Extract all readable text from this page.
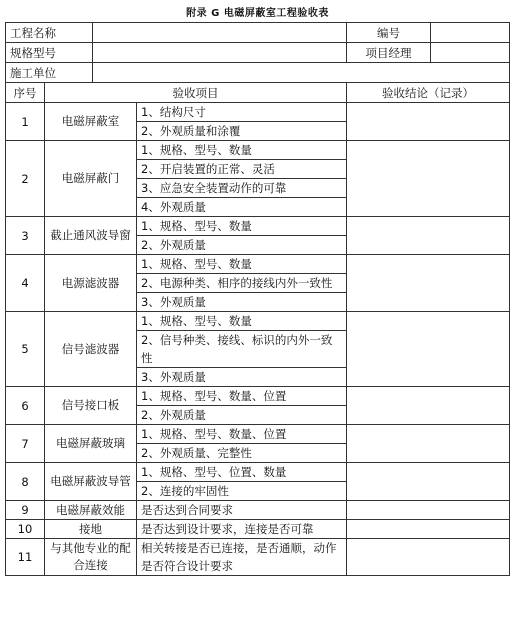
附录 G 电磁屏蔽室工程验收表
工程名称				编号	
规格型号				项目经理	
施工单位					
序号	验收项目			验收结论（记录）	
1	电磁屏蔽室		1、结构尺寸		
			2、外观质量和涂覆		
2	电磁屏蔽门		1、规格、型号、数量		
			2、开启装置的正常、灵活		
			3、应急安全装置动作的可靠		
			4、外观质量		
3	截止通风波导窗		1、规格、型号、数量		
			2、外观质量		
4	电源滤波器		1、规格、型号、数量		
			2、电源种类、相序的接线内外一致性		
			3、外观质量		
5	信号滤波器		1、规格、型号、数量		
			2、信号种类、接线、标识的内外一致性		
			3、外观质量		
6	信号接口板		1、规格、型号、数量、位置		
			2、外观质量		
7	电磁屏蔽玻璃		1、规格、型号、数量、位置		
			2、外观质量、完整性		
8	电磁屏蔽波导管		1、规格、型号、位置、数量		
			2、连接的牢固性		
9	电磁屏蔽效能		是否达到合同要求		
10	接地		是否达到设计要求，连接是否可靠		
11	与其他专业的配合连接		相关转接是否已连接，是否通顺，动作是否符合设计要求		
